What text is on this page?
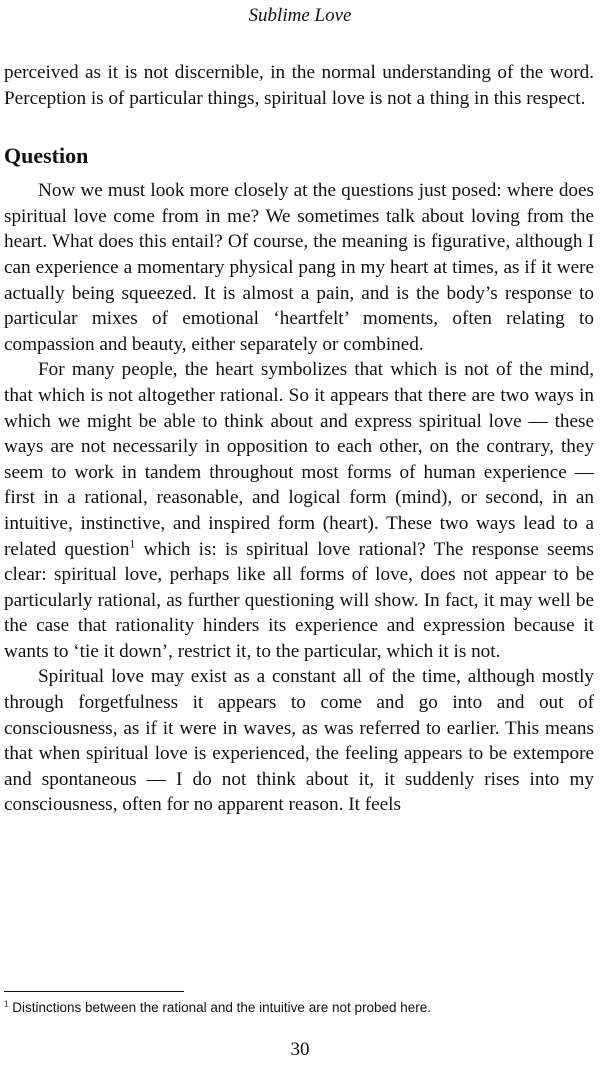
Sublime Love

perceived as it is not discernible, in the normal understanding of the word. Perception is of particular things, spiritual love is not a thing in this respect.

Question

Now we must look more closely at the questions just posed: where does spiritual love come from in me? We sometimes talk about loving from the heart. What does this entail? Of course, the meaning is figurative, although I can experience a momentary physical pang in my heart at times, as if it were actually being squeezed. It is almost a pain, and is the body’s response to particular mixes of emotional ‘heartfelt’ moments, often relating to compassion and beauty, either separately or combined.

For many people, the heart symbolizes that which is not of the mind, that which is not altogether rational. So it appears that there are two ways in which we might be able to think about and express spiritual love — these ways are not necessarily in opposition to each other, on the contrary, they seem to work in tandem throughout most forms of human experience — first in a rational, reasonable, and logical form (mind), or second, in an intuitive, instinctive, and inspired form (heart). These two ways lead to a related question$^1$ which is: is spiritual love rational? The response seems clear: spiritual love, perhaps like all forms of love, does not appear to be particularly rational, as further questioning will show. In fact, it may well be the case that rationality hinders its experience and expression because it wants to ‘tie it down’, restrict it, to the particular, which it is not.

Spiritual love may exist as a constant all of the time, although mostly through forgetfulness it appears to come and go into and out of consciousness, as if it were in waves, as was referred to earlier. This means that when spiritual love is experienced, the feeling appears to be extempore and spontaneous — I do not think about it, it suddenly rises into my consciousness, often for no apparent reason. It feels

$^1$ Distinctions between the rational and the intuitive are not probed here.
30
